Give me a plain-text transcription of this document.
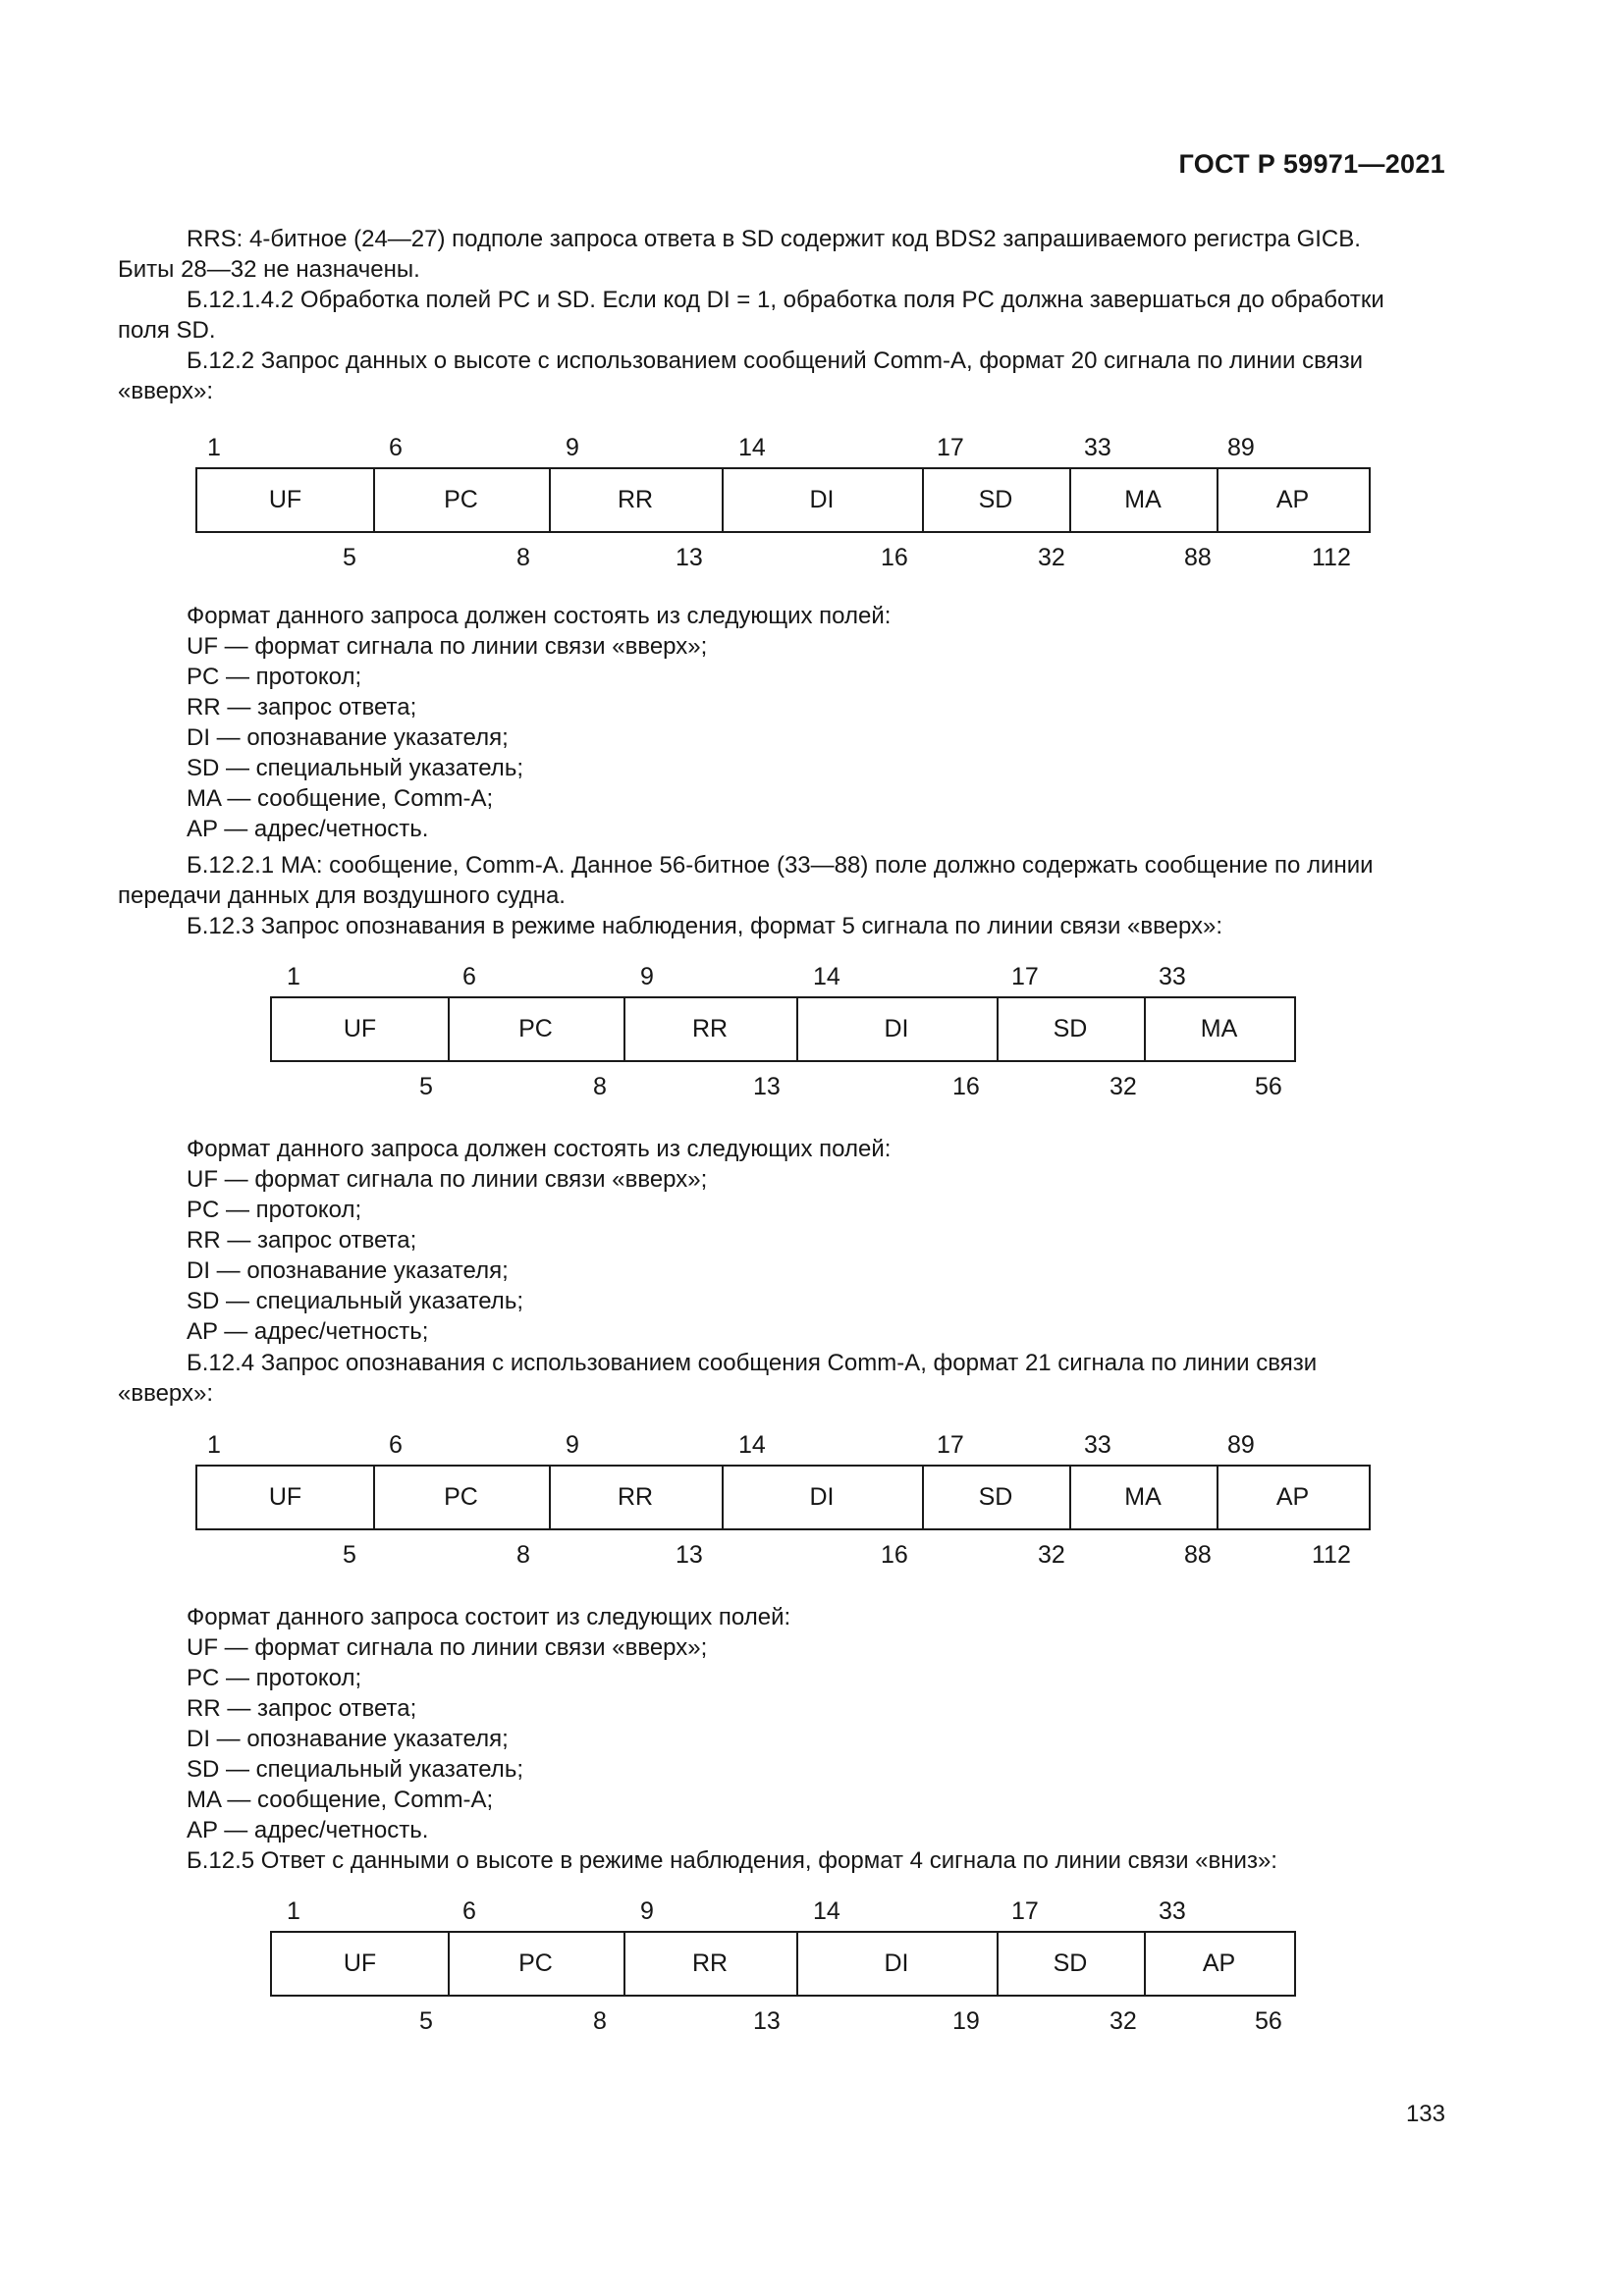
ГОСТ Р 59971—2021
RRS: 4-битное (24—27) подполе запроса ответа в SD содержит код BDS2 запрашиваемого регистра GICB.
Биты 28—32 не назначены.
Б.12.1.4.2 Обработка полей PC и SD. Если код DI = 1, обработка поля PC должна завершаться до обработки
поля SD.
Б.12.2 Запрос данных о высоте с использованием сообщений Comm-A, формат 20 сигнала по линии связи
«вверх»:
UF	PC	RR	DI	SD	MA	AP
1	6	9	14	17	33	89
5	8	13	16	32	88	112
Формат данного запроса должен состоять из следующих полей:
UF — формат сигнала по линии связи «вверх»;
PC — протокол;
RR — запрос ответа;
DI — опознавание указателя;
SD — специальный указатель;
MA — сообщение, Comm-A;
AP — адрес/четность.
Б.12.2.1 MA: сообщение, Comm-A. Данное 56-битное (33—88) поле должно содержать сообщение по линии
передачи данных для воздушного судна.
Б.12.3 Запрос опознавания в режиме наблюдения, формат 5 сигнала по линии связи «вверх»:
UF	PC	RR	DI	SD	MA
1	6	9	14	17	33
5	8	13	16	32	56
Формат данного запроса должен состоять из следующих полей:
UF — формат сигнала по линии связи «вверх»;
PC — протокол;
RR — запрос ответа;
DI — опознавание указателя;
SD — специальный указатель;
AP — адрес/четность;
Б.12.4 Запрос опознавания с использованием сообщения Comm-A, формат 21 сигнала по линии связи
«вверх»:
UF	PC	RR	DI	SD	MA	AP
1	6	9	14	17	33	89
5	8	13	16	32	88	112
Формат данного запроса состоит из следующих полей:
UF — формат сигнала по линии связи «вверх»;
PC — протокол;
RR — запрос ответа;
DI — опознавание указателя;
SD — специальный указатель;
MA — сообщение, Comm-A;
AP — адрес/четность.
Б.12.5 Ответ с данными о высоте в режиме наблюдения, формат 4 сигнала по линии связи «вниз»:
UF	PC	RR	DI	SD	AP
1	6	9	14	17	33
5	8	13	19	32	56
133
